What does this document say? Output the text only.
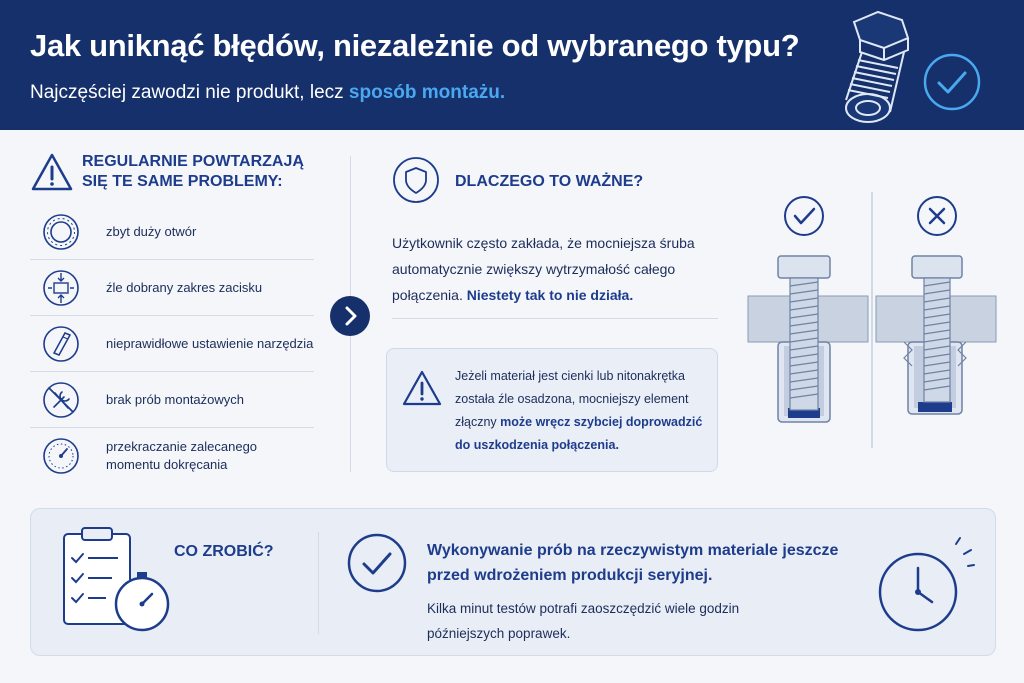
Jak uniknąć błędów, niezależnie od wybranego typu?
Najczęściej zawodzi nie produkt, lecz sposób montażu.
REGULARNIE POWTARZAJĄ
SIĘ TE SAME PROBLEMY:
zbyt duży otwór
źle dobrany zakres zacisku
nieprawidłowe ustawienie narzędzia
brak prób montażowych
przekraczanie zalecanego
momentu dokręcania
DLACZEGO TO WAŻNE?
Użytkownik często zakłada, że mocniejsza śruba
automatycznie zwiększy wytrzymałość całego
połączenia. Niestety tak to nie działa.
Jeżeli materiał jest cienki lub nitonakrętka
została źle osadzona, mocniejszy element
złączny może wręcz szybciej doprowadzić
do uszkodzenia połączenia.
CO ZROBIĆ?	Wykonywanie prób na rzeczywistym materiale jeszcze
przed wdrożeniem produkcji seryjnej.
Kilka minut testów potrafi zaoszczędzić wiele godzin
późniejszych poprawek.
